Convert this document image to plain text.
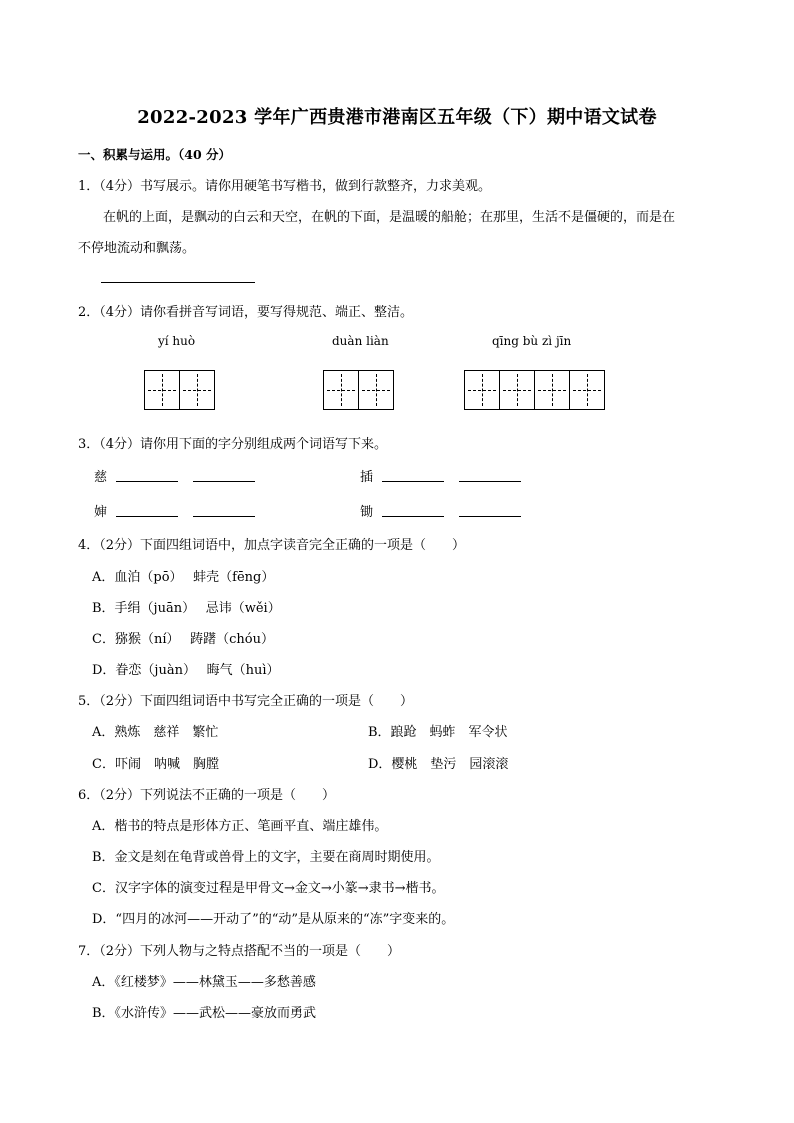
2022-2023 学年广西贵港市港南区五年级（下）期中语文试卷
一、积累与运用。（40 分）
1．（4分）书写展示。请你用硬笔书写楷书，做到行款整齐，力求美观。
在帆的上面，是飘动的白云和天空，在帆的下面，是温暖的船舱；在那里，生活不是僵硬的，而是在
不停地流动和飘荡。
2．（4分）请你看拼音写词语，要写得规范、端正、整洁。
yí huò	duàn liàn	qīng bù zì jīn
3．（4分）请你用下面的字分别组成两个词语写下来。
慈	插
婶	锄
4．（2分）下面四组词语中，加点字读音完全正确的一项是（　　）
A．血泊（pō）　 蚌壳（fēng）
B．手绢（juān）　 忌讳（wěi）
C．猕猴（ní）　 踌躇（chóu）
D．眷恋（juàn）　 晦气（huì）
5．（2分）下面四组词语中书写完全正确的一项是（　　）
A．熟炼　慈祥　繁忙	B．踉跄　蚂蚱　军令状
C．吓闹　呐喊　胸膛	D．樱桃　垫污　园滚滚
6．（2分）下列说法不正确的一项是（　　）
A．楷书的特点是形体方正、笔画平直、端庄雄伟。
B．金文是刻在龟背或兽骨上的文字，主要在商周时期使用。
C．汉字字体的演变过程是甲骨文→金文→小篆→隶书→楷书。
D．“四月的冰河——开动了”的“动”是从原来的“冻”字变来的。
7．（2分）下列人物与之特点搭配不当的一项是（　　）
A．《红楼梦》——林黛玉——多愁善感
B．《水浒传》——武松——豪放而勇武
